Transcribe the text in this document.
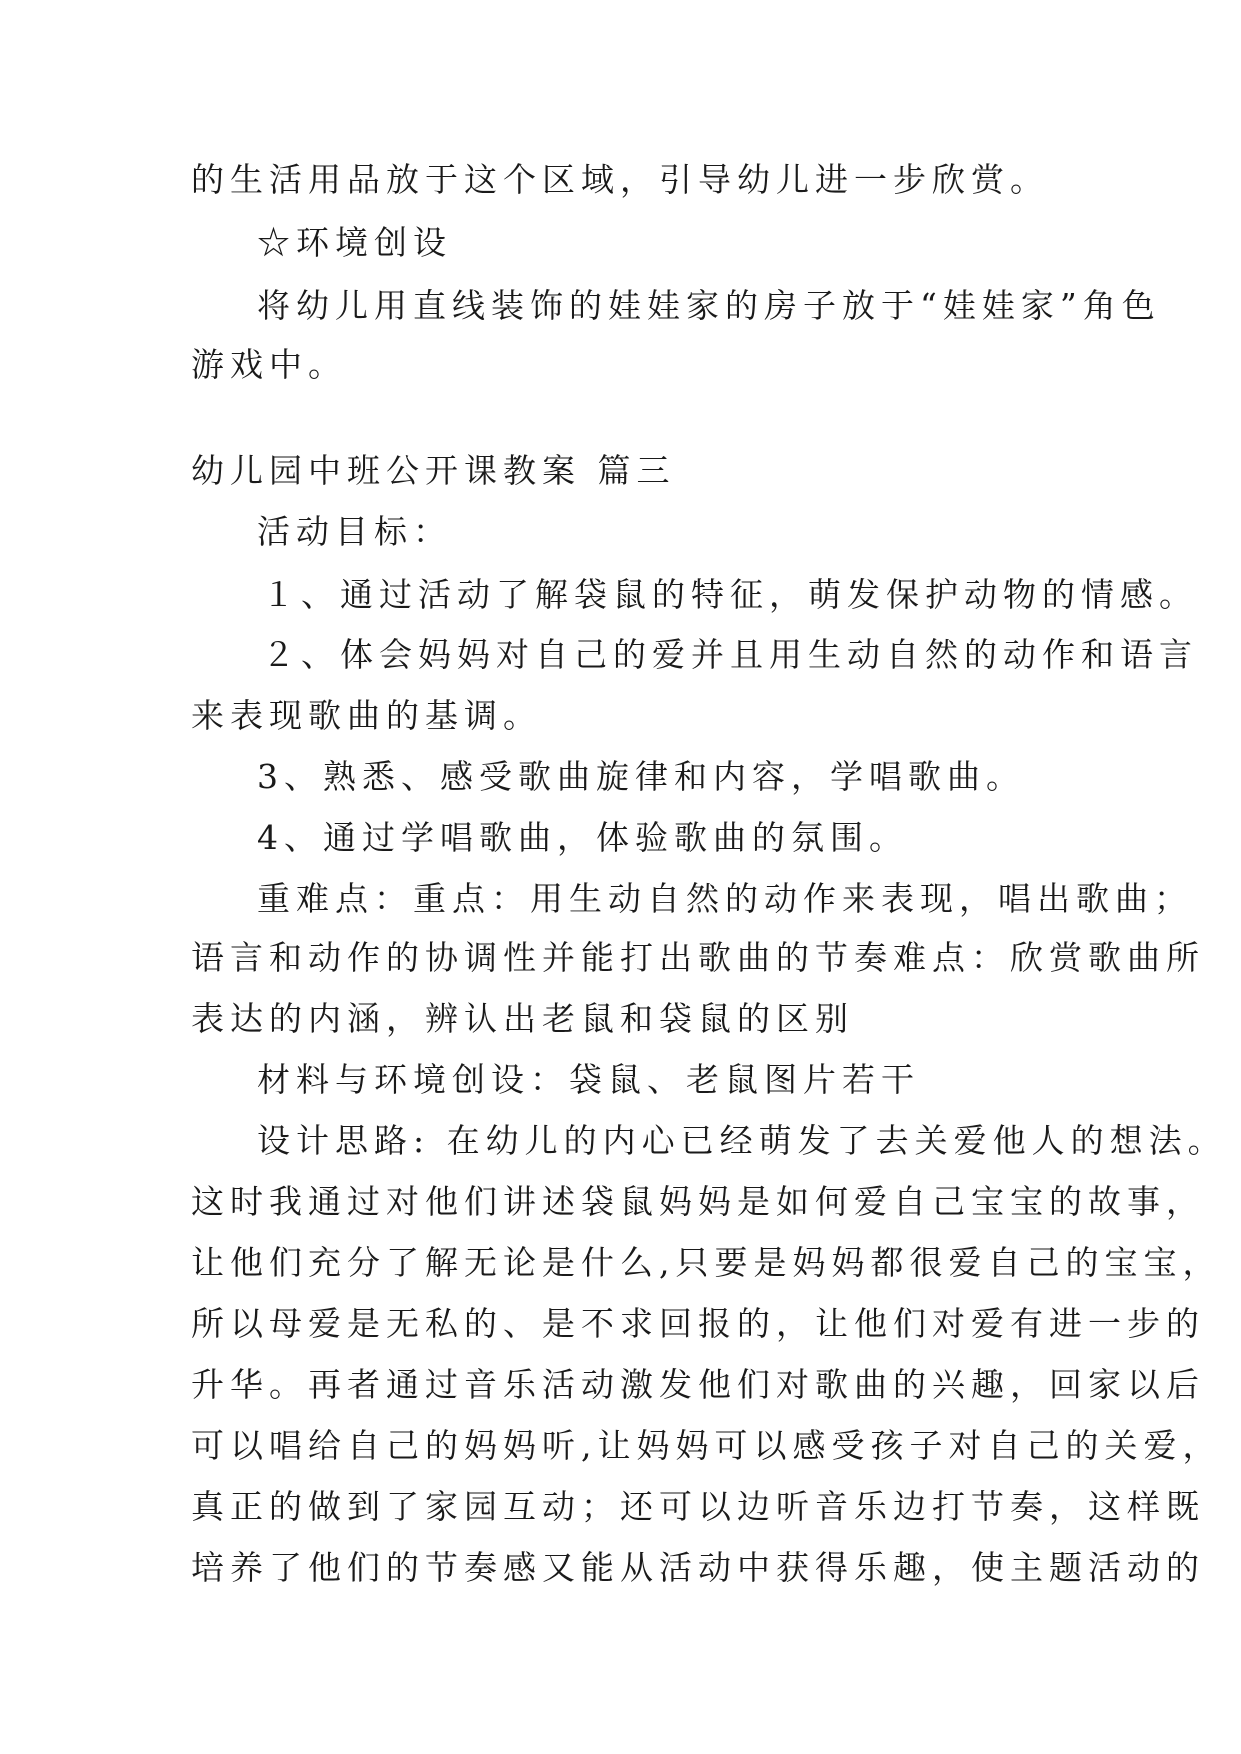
的生活用品放于这个区域，引导幼儿进一步欣赏。
☆环境创设
将幼儿用直线装饰的娃娃家的房子放于“娃娃家”角色
游戏中。
幼儿园中班公开课教案 篇三
活动目标：
１、通过活动了解袋鼠的特征，萌发保护动物的情感。
２、体会妈妈对自己的爱并且用生动自然的动作和语言
来表现歌曲的基调。
3、熟悉、感受歌曲旋律和内容，学唱歌曲。
4、通过学唱歌曲，体验歌曲的氛围。
重难点：重点：用生动自然的动作来表现，唱出歌曲；
语言和动作的协调性并能打出歌曲的节奏难点：欣赏歌曲所
表达的内涵，辨认出老鼠和袋鼠的区别
材料与环境创设：袋鼠、老鼠图片若干
设计思路: 在幼儿的内心已经萌发了去关爱他人的想法。
这时我通过对他们讲述袋鼠妈妈是如何爱自己宝宝的故事，
让他们充分了解无论是什么,只要是妈妈都很爱自己的宝宝，
所以母爱是无私的、是不求回报的，让他们对爱有进一步的
升华。再者通过音乐活动激发他们对歌曲的兴趣，回家以后
可以唱给自己的妈妈听,让妈妈可以感受孩子对自己的关爱，
真正的做到了家园互动；还可以边听音乐边打节奏，这样既
培养了他们的节奏感又能从活动中获得乐趣，使主题活动的
